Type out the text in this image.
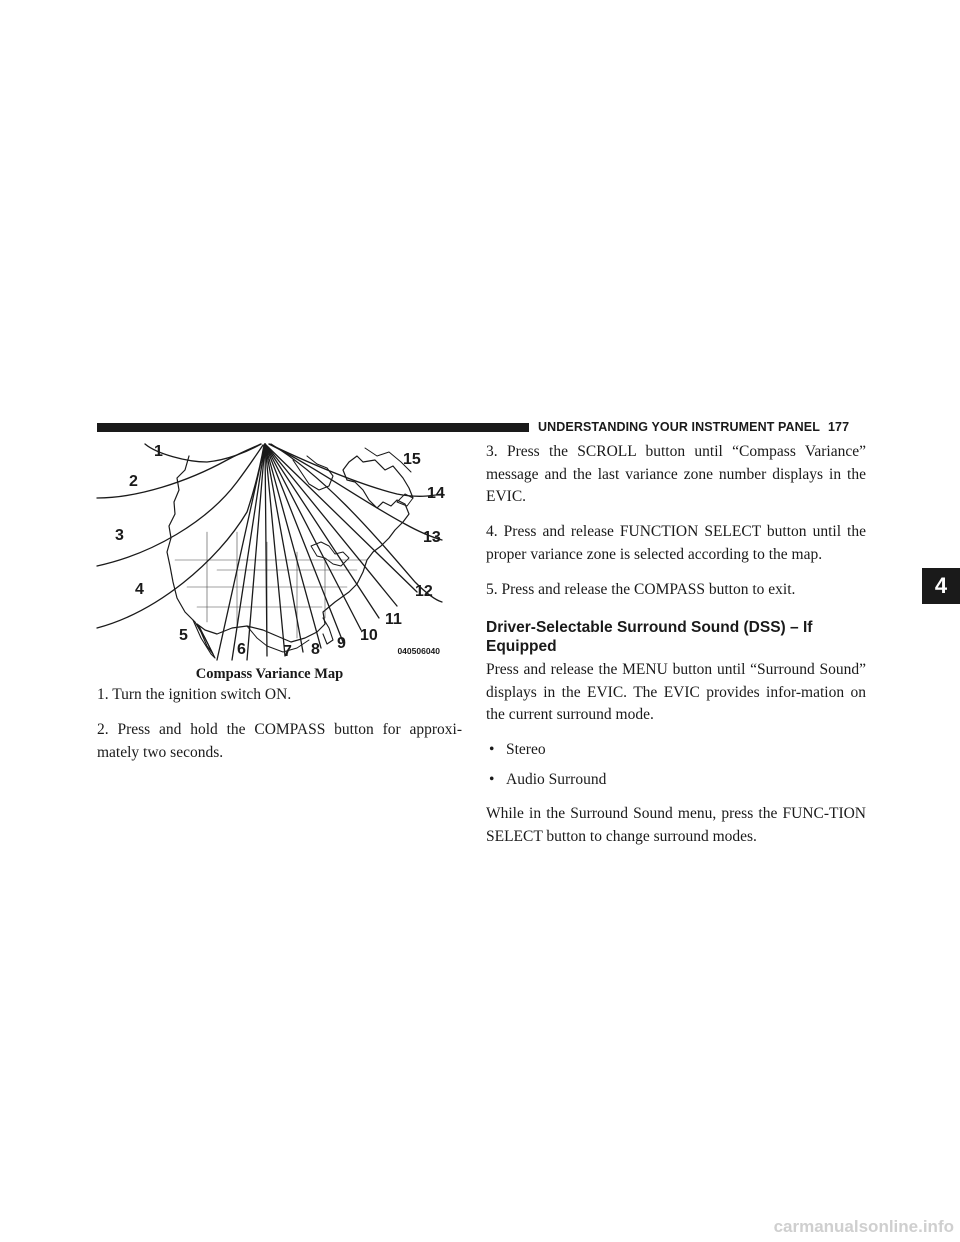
UNDERSTANDING YOUR INSTRUMENT PANEL 177
1
2
3
4
5
6 7 8 9 10
11
12
13
14
15
040506040
Compass Variance Map

1. Turn the ignition switch ON.

2. Press and hold the COMPASS button for approxi-mately two seconds.

3. Press the SCROLL button until “Compass Variance” message and the last variance zone number displays in the EVIC.

4. Press and release FUNCTION SELECT button until the proper variance zone is selected according to the map.

5. Press and release the COMPASS button to exit.

Driver-Selectable Surround Sound (DSS) – If Equipped

Press and release the MENU button until “Surround Sound” displays in the EVIC. The EVIC provides infor-mation on the current surround mode.

• Stereo
• Audio Surround

While in the Surround Sound menu, press the FUNC-TION SELECT button to change surround modes.

4
carmanualsonline.info
